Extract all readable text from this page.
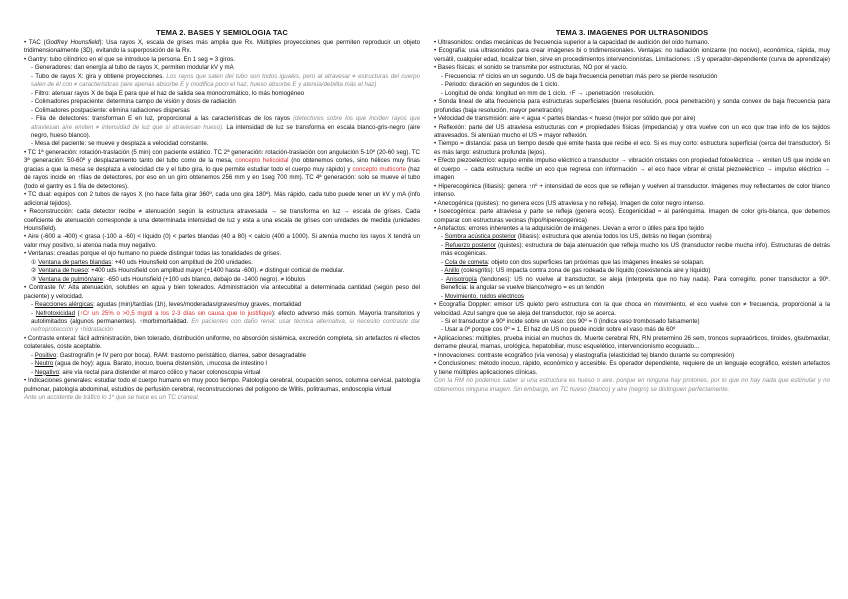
TEMA 2. BASES Y SEMIOLOGIA TAC

• TAC (Godfrey Hounsfield): Usa rayos X, escala de grises más amplia que Rx. Múltiples proyecciones que permiten reproducir un objeto tridimensionalmente (3D), evitando la superposición de la Rx.

• Gantry: tubo cilíndrico en el que se introduce la persona. En 1 seg = 3 giros.

- Generadores: dan energía al tubo de rayos X, permiten modular kV y mA

- Tubo de rayos X: gira y obtiene proyecciones. Los rayos que salen del tubo son todos iguales, pero al atravesar ≠ estructuras del cuerpo salen de él con ≠ características (aire apenas absorbe E y modifica poco el haz, hueso absorbe E y atenúa/debilita más el haz)

- Filtro: atenuar rayos X de baja E para que el haz de salida sea monocromático, lo más homogéneo

- Colimadores prepaciente: determina campo de visión y dosis de radiación

- Colimadores postpaciente: elimina radiaciones dispersas

- Fila de detectores: transforman E en luz, proporcional a las características de los rayos (detectores sobre los que inciden rayos que atraviesan aire emiten ≠ intensidad de luz que si atraviesan hueso). La intensidad de luz se transforma en escala blanco-gris-negro (aire negro, hueso blanco).

- Mesa del paciente: se mueve y desplaza a velocidad constante.

• TC 1ª generación: rotación-traslación (5 min) con paciente estático. TC 2ª generación: rotación-traslación con angulación 5-10º (20-60 seg). TC 3ª generación: 50-60º y desplazamiento tanto del tubo como de la mesa, concepto helicoidal (no obtenemos cortes, sino hélices muy finas gracias a que la mesa se desplaza a velocidad cte y el tubo gira, lo que permite estudiar todo el cuerpo muy rápido) y concepto multicorte (haz de rayos incide en ↑filas de detectores, por eso en un giro obtenemos 256 mm y en 1seg 700 mm). TC 4ª generación: solo se mueve el tubo (todo el gantry es 1 fila de detectores).

• TC dual: equipos con 2 tubos de rayos X (no hace falta girar 360º, cada uno gira 180º). Más rápido, cada tubo puede tener un kV y mA (info adicional tejidos).

• Reconstrucción: cada detector recibe ≠ atenuación según la estructura atravesada → se transforma en luz → escala de grises. Cada coeficiente de atenuación corresponde a una determinada intensidad de luz y esta a una escala de grises con unidades de medida (unidades Hounsfield).

• Aire (-600 a -400) < grasa (-100 a -60) < líquido (0) < partes blandas (40 a 80) < calcio (400 a 1000). Si atenúa mucho los rayos X tendrá un valor muy positivo, si atenúa nada muy negativo.

• Ventanas: creadas porque el ojo humano no puede distinguir todas las tonalidades de grises.

① Ventana de partes blandas: +40 uds Hounsfield con amplitud de 200 unidades.

② Ventana de hueso: +400 uds Hounsfield con amplitud mayor (+1400 hasta -600). ≠ distinguir cortical de medular.

③ Ventana de pulmón/aire: -650 uds Hounsfield (+100 uds blanco, debajo de -1400 negro). ≠ lóbulos

• Contraste IV: Alta atenuación, solubles en agua y bien tolerados. Administración vía antecubital a determinada cantidad (según peso del paciente) y velocidad.

- Reacciones alérgicas: agudas (min)/tardías (1h), leves/moderadas/graves/muy graves, mortalidad

- Nefrotoxicidad (↑Cr un 25% o >0,5 mg/dl a los 2-3 días sin causa que lo justifique): efecto adverso más común. Mayoría transitorios y autolimitados (algunos permanentes). ↑morbimortalidad. En pacientes con daño renal: usar técnica alternativa, si necesito contraste dar nefroprotección y ↑hidratación

• Contraste enteral: fácil administración, bien tolerado, distribución uniforme, no absorción sistémica, excreción completa, sin artefactos ni efectos colaterales, coste aceptable.

- Positivo: Gastrografín (≠ IV pero por boca). RAM: trastorno peristáltico, diarrea, sabor desagradable

- Neutro (agua de hoy): agua. Barato, inocuo, buena distensión, ↓mucosa de intestino l

- Negativo: aire vía rectal para distender el marco cólico y hacer colonoscopia virtual

• Indicaciones generales: estudiar todo el cuerpo humano en muy poco tiempo. Patología cerebral, ocupación senos, columna cervical, patología pulmonar, patología abdominal, estudios de perfusión cerebral, reconstrucciones del polígono de Willis, politraumas, endoscopia virtual

Ante un accidente de tráfico lo 1º que se hace es un TC craneal.

TEMA 3. IMAGENES POR ULTRASONIDOS

• Ultrasonidos: ondas mecánicas de frecuencia superior a la capacidad de audición del oído humano.

• Ecografía: usa ultrasonidos para crear imágenes bi o tridimensionales. Ventajas: no radiación ionizante (no nocivo), económica, rápida, muy versátil, cualquier edad, localizar bien, sirve en procedimientos intervencionistas. Limitaciones: ↓S y operador-dependiente (curva de aprendizaje)

• Bases físicas: el sonido se transmite por estructuras, NO por el vacío.

- Frecuencia: nº ciclos en un segundo. US de baja frecuencia penetran más pero se pierde resolución

- Periodo: duración en segundos de 1 ciclo.

- Longitud de onda: longitud en mm de 1 ciclo. ↑F → ↓penetración ↑resolución.

• Sonda lineal de alta frecuencia para estructuras superficiales (buena resolución, poca penetración) y sonda convex de baja frecuencia para profundas (baja resolución, mayor penetración)

• Velocidad de transmisión: aire < agua < partes blandas < hueso (mejor por sólido que por aire)

• Reflexión: parte del US atraviesa estructuras con ≠ propiedades físicas (impedancia) y otra vuelve con un eco que trae info de los tejidos atravesados. Si atenúan mucho el US = mayor reflexión.

• Tiempo = distancia: pasa un tiempo desde que emite hasta que recibe el eco. Si es muy corto: estructura superficial (cerca del transductor). Si es más largo: estructura profunda (lejos).

• Efecto piezoeléctrico: equipo emite impulso eléctrico a transductor → vibración cristales con propiedad fotoeléctrica → emiten US que incide en el cuerpo → cada estructura recibe un eco que regresa con información → el eco hace vibrar el cristal piezoeléctrico → impulso eléctrico → imagen

• Hiperecogénica (litiasis): genera ↑nº + intensidad de ecos que se reflejan y vuelven al transductor. Imágenes muy reflectantes de color blanco intenso.

• Anecogénica (quistes): no genera ecos (US atraviesa y no refleja). Imagen de color negro intenso.

• Isoecogénica: parte atraviesa y parte se refleja (genera ecos). Ecogenicidad ≈ al parénquima. Imagen de color gris-blanca, que debemos comparar con estructuras vecinas (hipo/hiperecogénica)

• Artefactos: errores inherentes a la adquisición de imágenes. Llevan a error o útiles para tipo tejido

- Sombra acústica posterior (litiasis): estructura que atenúa todos los US, detrás no llegan (sombra)

- Refuerzo posterior (quistes): estructura de baja atenuación que refleja mucho los US (transductor recibe mucha info). Estructuras de detrás más ecogénicas.

- Cola de cometa: objeto con dos superficies tan próximas que las imágenes lineales se solapan.

- Anillo (colesgritis): US impacta contra zona de gas rodeada de líquido (coexistencia aire y líquido)

- Anisotropía (tendones): US no vuelve al transductor, se aleja (interpreta que no hay nada). Para corregirlo, poner transductor a 90º. Beneficia: la angular se vuelve blanco/negro = es un tendón

- Movimiento, ruidos eléctricos

• Ecografía Doppler: emisor US quieto pero estructura con la que choca en movimiento, el eco vuelve con ≠ frecuencia, proporcional a la velocidad. Azul sangre que se aleja del transductor, rojo se acerca.

- Si el transductor a 90º incide sobre un vaso: cos 90º = 0 (indica vaso trombosado falsamente)

- Usar a 0º porque cos 0º = 1. El haz de US no puede incidir sobre el vaso más de 60º

• Aplicaciones: múltiples, prueba inicial en muchos dx. Muerte cerebral RN, RN pretermino 26 sem, troncos supraaórticos, tiroides, glsubmaxilar, derrame pleural, mamas, urológica, hepatobiliar, musc esquelético, intervencionismo ecoguiado...

• Innovaciones: contraste ecográfico (vía venosa) y elastografía (elasticidad tej blando durante su compresión)

• Conclusiones: método inocuo, rápido, económico y accesible. Es operador dependiente, requiere de un lenguaje ecográfico, existen artefactos y tiene múltiples aplicaciones clínicas.

Con la RM no podemos saber si una estructura es hueso o aire, porque en ninguna hay protones, por lo que no hay nada que estimular y no obtenemos ninguna imagen. Sin embargo, en TC hueso (blanco) y aire (negro) se distinguen perfectamente.
